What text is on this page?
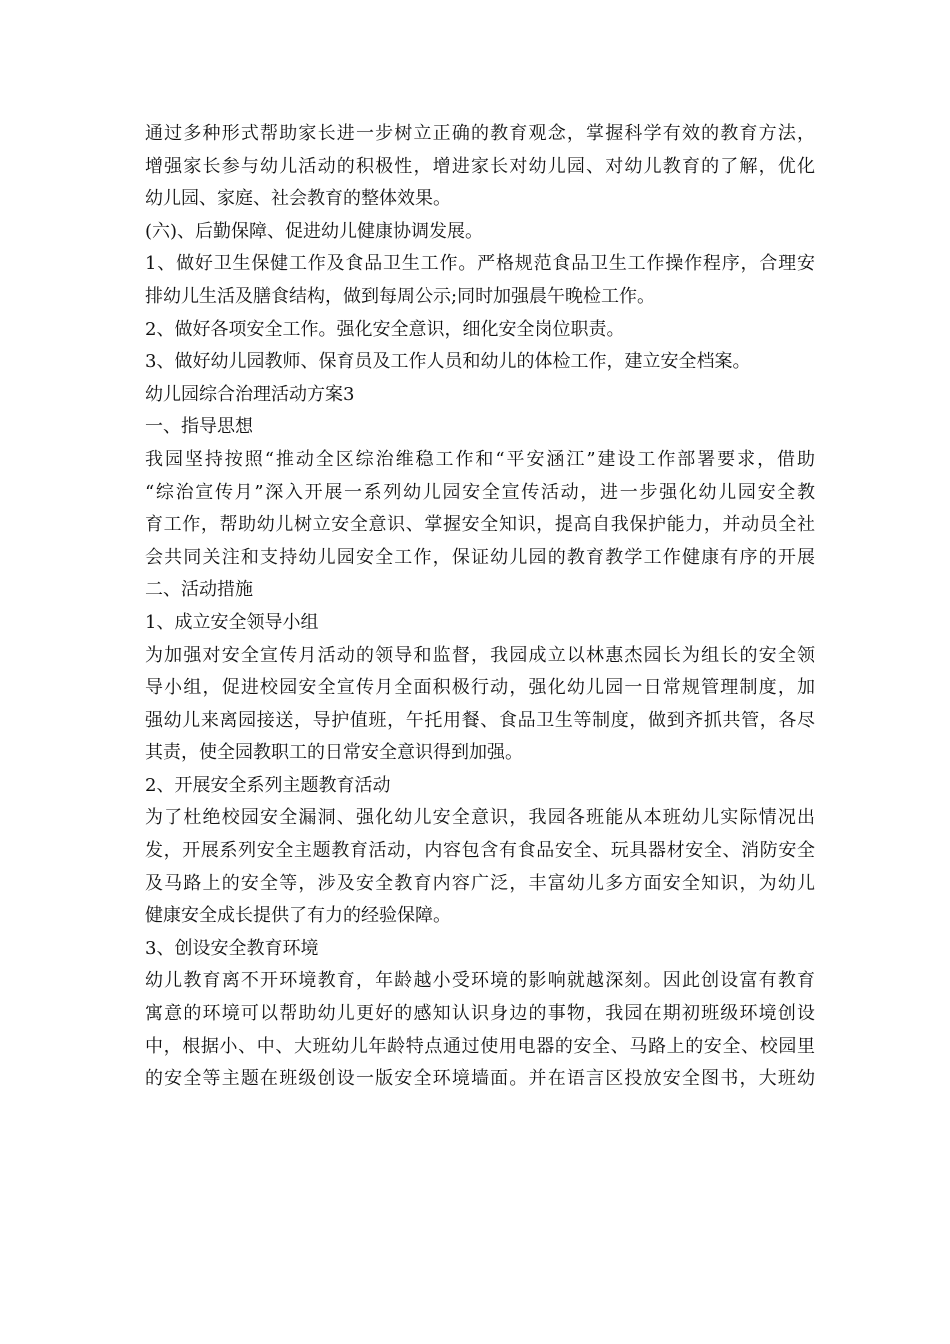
通过多种形式帮助家长进一步树立正确的教育观念，掌握科学有效的教育方法，
增强家长参与幼儿活动的积极性，增进家长对幼儿园、对幼儿教育的了解，优化
幼儿园、家庭、社会教育的整体效果。
(六)、后勤保障、促进幼儿健康协调发展。
1、做好卫生保健工作及食品卫生工作。严格规范食品卫生工作操作程序，合理安
排幼儿生活及膳食结构，做到每周公示;同时加强晨午晚检工作。
2、做好各项安全工作。强化安全意识，细化安全岗位职责。
3、做好幼儿园教师、保育员及工作人员和幼儿的体检工作，建立安全档案。
幼儿园综合治理活动方案3
一、指导思想
我园坚持按照“推动全区综治维稳工作和“平安涵江”建设工作部署要求，借助
“综治宣传月”深入开展一系列幼儿园安全宣传活动，进一步强化幼儿园安全教
育工作，帮助幼儿树立安全意识、掌握安全知识，提高自我保护能力，并动员全社
会共同关注和支持幼儿园安全工作，保证幼儿园的教育教学工作健康有序的开展
二、活动措施
1、成立安全领导小组
为加强对安全宣传月活动的领导和监督，我园成立以林惠杰园长为组长的安全领
导小组，促进校园安全宣传月全面积极行动，强化幼儿园一日常规管理制度，加
强幼儿来离园接送，导护值班，午托用餐、食品卫生等制度，做到齐抓共管，各尽
其责，使全园教职工的日常安全意识得到加强。
2、开展安全系列主题教育活动
为了杜绝校园安全漏洞、强化幼儿安全意识，我园各班能从本班幼儿实际情况出
发，开展系列安全主题教育活动，内容包含有食品安全、玩具器材安全、消防安全
及马路上的安全等，涉及安全教育内容广泛，丰富幼儿多方面安全知识，为幼儿
健康安全成长提供了有力的经验保障。
3、创设安全教育环境
幼儿教育离不开环境教育，年龄越小受环境的影响就越深刻。因此创设富有教育
寓意的环境可以帮助幼儿更好的感知认识身边的事物，我园在期初班级环境创设
中，根据小、中、大班幼儿年龄特点通过使用电器的安全、马路上的安全、校园里
的安全等主题在班级创设一版安全环境墙面。并在语言区投放安全图书，大班幼
